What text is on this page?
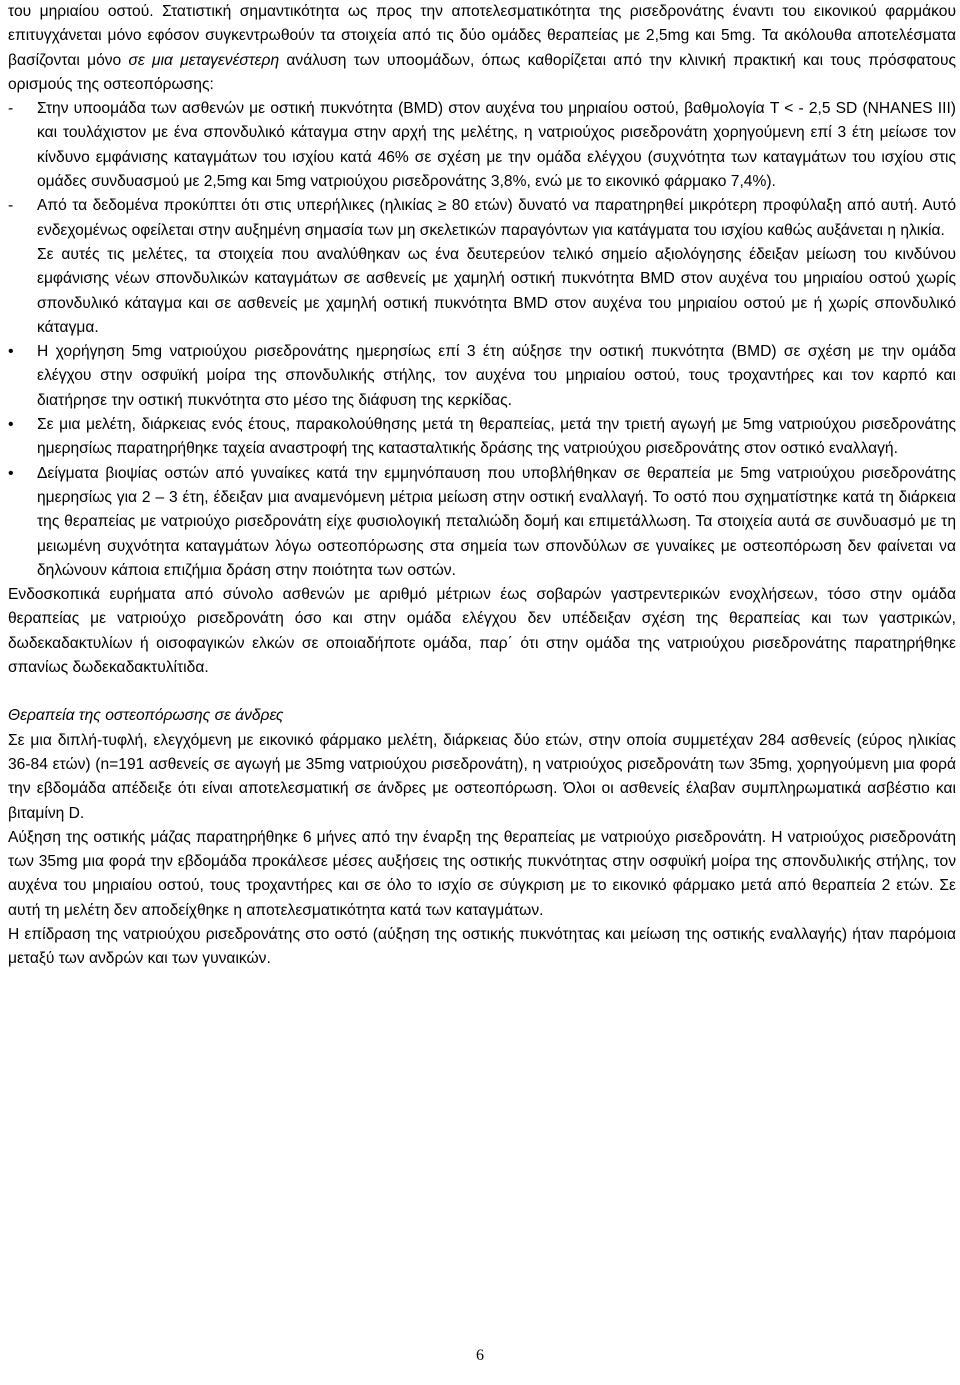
του μηριαίου οστού. Στατιστική σημαντικότητα ως προς την αποτελεσματικότητα της ρισεδρονάτης έναντι του εικονικού φαρμάκου επιτυγχάνεται μόνο εφόσον συγκεντρωθούν τα στοιχεία από τις δύο ομάδες θεραπείας με 2,5mg και 5mg. Τα ακόλουθα αποτελέσματα βασίζονται μόνο σε μια μεταγενέστερη ανάλυση των υποομάδων, όπως καθορίζεται από την κλινική πρακτική και τους πρόσφατους ορισμούς της οστεοπόρωσης:

- Στην υποομάδα των ασθενών με οστική πυκνότητα (BMD) στον αυχένα του μηριαίου οστού, βαθμολογία T < - 2,5 SD (NHANES III) και τουλάχιστον με ένα σπονδυλικό κάταγμα στην αρχή της μελέτης, η νατριούχος ρισεδρονάτη χορηγούμενη επί 3 έτη μείωσε τον κίνδυνο εμφάνισης καταγμάτων του ισχίου κατά 46% σε σχέση με την ομάδα ελέγχου (συχνότητα των καταγμάτων του ισχίου στις ομάδες συνδυασμού με 2,5mg και 5mg νατριούχου ρισεδρονάτης 3,8%, ενώ με το εικονικό φάρμακο 7,4%).

- Από τα δεδομένα προκύπτει ότι στις υπερήλικες (ηλικίας ≥ 80 ετών) δυνατό να παρατηρηθεί μικρότερη προφύλαξη από αυτή. Αυτό ενδεχομένως οφείλεται στην αυξημένη σημασία των μη σκελετικών παραγόντων για κατάγματα του ισχίου καθώς αυξάνεται η ηλικία.

Σε αυτές τις μελέτες, τα στοιχεία που αναλύθηκαν ως ένα δευτερεύον τελικό σημείο αξιολόγησης έδειξαν μείωση του κινδύνου εμφάνισης νέων σπονδυλικών καταγμάτων σε ασθενείς με χαμηλή οστική πυκνότητα BMD στον αυχένα του μηριαίου οστού χωρίς σπονδυλικό κάταγμα και σε ασθενείς με χαμηλή οστική πυκνότητα BMD στον αυχένα του μηριαίου οστού με ή χωρίς σπονδυλικό κάταγμα.

• Η χορήγηση 5mg νατριούχου ρισεδρονάτης ημερησίως επί 3 έτη αύξησε την οστική πυκνότητα (BMD) σε σχέση με την ομάδα ελέγχου στην οσφυϊκή μοίρα της σπονδυλικής στήλης, τον αυχένα του μηριαίου οστού, τους τροχαντήρες και τον καρπό και διατήρησε την οστική πυκνότητα στο μέσο της διάφυση της κερκίδας.

• Σε μια μελέτη, διάρκειας ενός έτους, παρακολούθησης μετά τη θεραπείας, μετά την τριετή αγωγή με 5mg νατριούχου ρισεδρονάτης ημερησίως παρατηρήθηκε ταχεία αναστροφή της κατασταλτικής δράσης της νατριούχου ρισεδρονάτης στον οστικό εναλλαγή.

• Δείγματα βιοψίας οστών από γυναίκες κατά την εμμηνόπαυση που υποβλήθηκαν σε θεραπεία με 5mg νατριούχου ρισεδρονάτης ημερησίως για 2 – 3 έτη, έδειξαν μια αναμενόμενη μέτρια μείωση στην οστική εναλλαγή. Το οστό που σχηματίστηκε κατά τη διάρκεια της θεραπείας με νατριούχο ρισεδρονάτη είχε φυσιολογική πεταλιώδη δομή και επιμετάλλωση. Τα στοιχεία αυτά σε συνδυασμό με τη μειωμένη συχνότητα καταγμάτων λόγω οστεοπόρωσης στα σημεία των σπονδύλων σε γυναίκες με οστεοπόρωση δεν φαίνεται να δηλώνουν κάποια επιζήμια δράση στην ποιότητα των οστών.

Ενδοσκοπικά ευρήματα από σύνολο ασθενών με αριθμό μέτριων έως σοβαρών γαστρεντερικών ενοχλήσεων, τόσο στην ομάδα θεραπείας με νατριούχο ρισεδρονάτη όσο και στην ομάδα ελέγχου δεν υπέδειξαν σχέση της θεραπείας και των γαστρικών, δωδεκαδακτυλίων ή οισοφαγικών ελκών σε οποιαδήποτε ομάδα, παρ΄ ότι στην ομάδα της νατριούχου ρισεδρονάτης παρατηρήθηκε σπανίως δωδεκαδακτυλίτιδα.

Θεραπεία της οστεοπόρωσης σε άνδρες

Σε μια διπλή-τυφλή, ελεγχόμενη με εικονικό φάρμακο μελέτη, διάρκειας δύο ετών, στην οποία συμμετέχαν 284 ασθενείς (εύρος ηλικίας 36-84 ετών) (n=191 ασθενείς σε αγωγή με 35mg νατριούχου ρισεδρονάτη), η νατριούχος ρισεδρονάτη των 35mg, χορηγούμενη μια φορά την εβδομάδα απέδειξε ότι είναι αποτελεσματική σε άνδρες με οστεοπόρωση. Όλοι οι ασθενείς έλαβαν συμπληρωματικά ασβέστιο και βιταμίνη D.

Αύξηση της οστικής μάζας παρατηρήθηκε 6 μήνες από την έναρξη της θεραπείας με νατριούχο ρισεδρονάτη. Η νατριούχος ρισεδρονάτη των 35mg μια φορά την εβδομάδα προκάλεσε μέσες αυξήσεις της οστικής πυκνότητας στην οσφυϊκή μοίρα της σπονδυλικής στήλης, τον αυχένα του μηριαίου οστού, τους τροχαντήρες και σε όλο το ισχίο σε σύγκριση με το εικονικό φάρμακο μετά από θεραπεία 2 ετών. Σε αυτή τη μελέτη δεν αποδείχθηκε η αποτελεσματικότητα κατά των καταγμάτων.

Η επίδραση της νατριούχου ρισεδρονάτης στο οστό (αύξηση της οστικής πυκνότητας και μείωση της οστικής εναλλαγής) ήταν παρόμοια μεταξύ των ανδρών και των γυναικών.

6
